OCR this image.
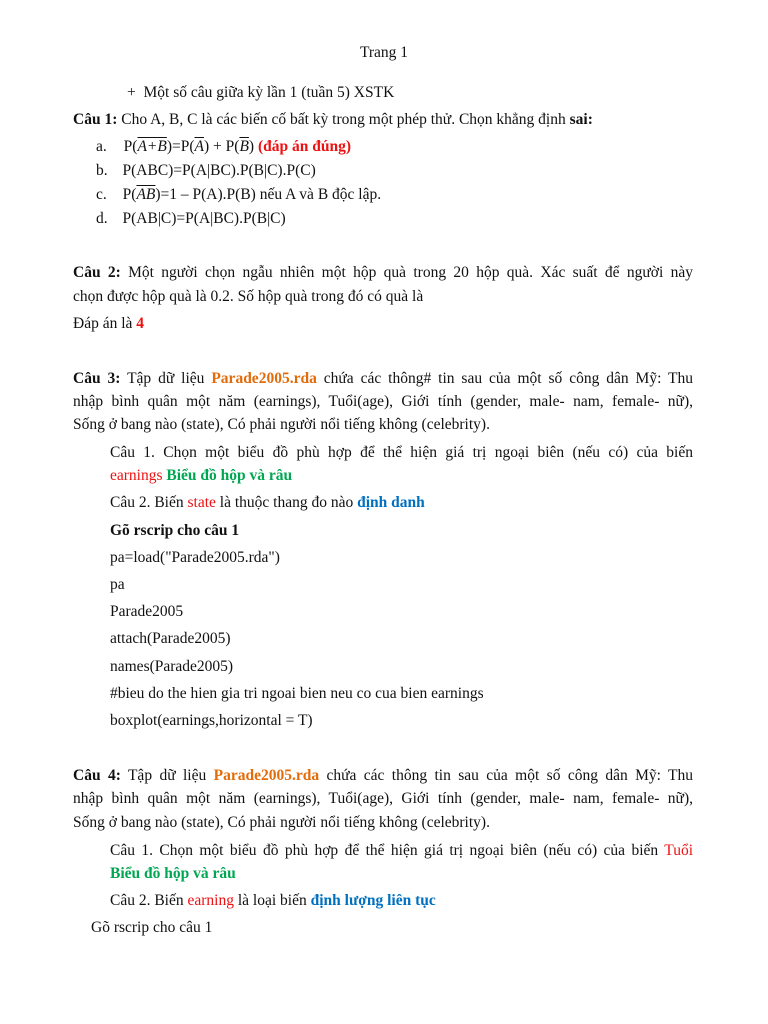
Trang 1
+ Một số câu giữa kỳ lần 1 (tuần 5) XSTK
Câu 1: Cho A, B, C là các biến cố bất kỳ trong một phép thử. Chọn khẳng định sai:
a. $P(A+B)=P(\overline{A}) + P(\overline{B})$ (đáp án đúng)
b. P(ABC)=P(A|BC).P(B|C).P(C)
c. $P(\overline{AB})=1 - P(A).P(B)$ nếu A và B độc lập.
d. P(AB|C)=P(A|BC).P(B|C)
Câu 2: Một người chọn ngẫu nhiên một hộp quà trong 20 hộp quà. Xác suất để người này
chọn được hộp quà là 0.2. Số hộp quà trong đó có quà là
Đáp án là 4
Câu 3: Tập dữ liệu Parade2005.rda chứa các thông# tin sau của một số công dân Mỹ: Thu
nhập bình quân một năm (earnings), Tuổi(age), Giới tính (gender, male- nam, female- nữ),
Sống ở bang nào (state), Có phải người nổi tiếng không (celebrity).
Câu 1. Chọn một biểu đồ phù hợp để thể hiện giá trị ngoại biên (nếu có) của biến
earnings Biểu đồ hộp và râu
Câu 2. Biến state là thuộc thang đo nào định danh
Gõ rscrip cho câu 1
pa=load("Parade2005.rda")
pa
Parade2005
attach(Parade2005)
names(Parade2005)
#bieu do the hien gia tri ngoai bien neu co cua bien earnings
boxplot(earnings,horizontal = T)
Câu 4: Tập dữ liệu Parade2005.rda chứa các thông tin sau của một số công dân Mỹ: Thu
nhập bình quân một năm (earnings), Tuổi(age), Giới tính (gender, male- nam, female- nữ),
Sống ở bang nào (state), Có phải người nổi tiếng không (celebrity).
Câu 1. Chọn một biểu đồ phù hợp để thể hiện giá trị ngoại biên (nếu có) của biến Tuổi
Biểu đồ hộp và râu
Câu 2. Biến earning là loại biến định lượng liên tục
Gõ rscrip cho câu 1
